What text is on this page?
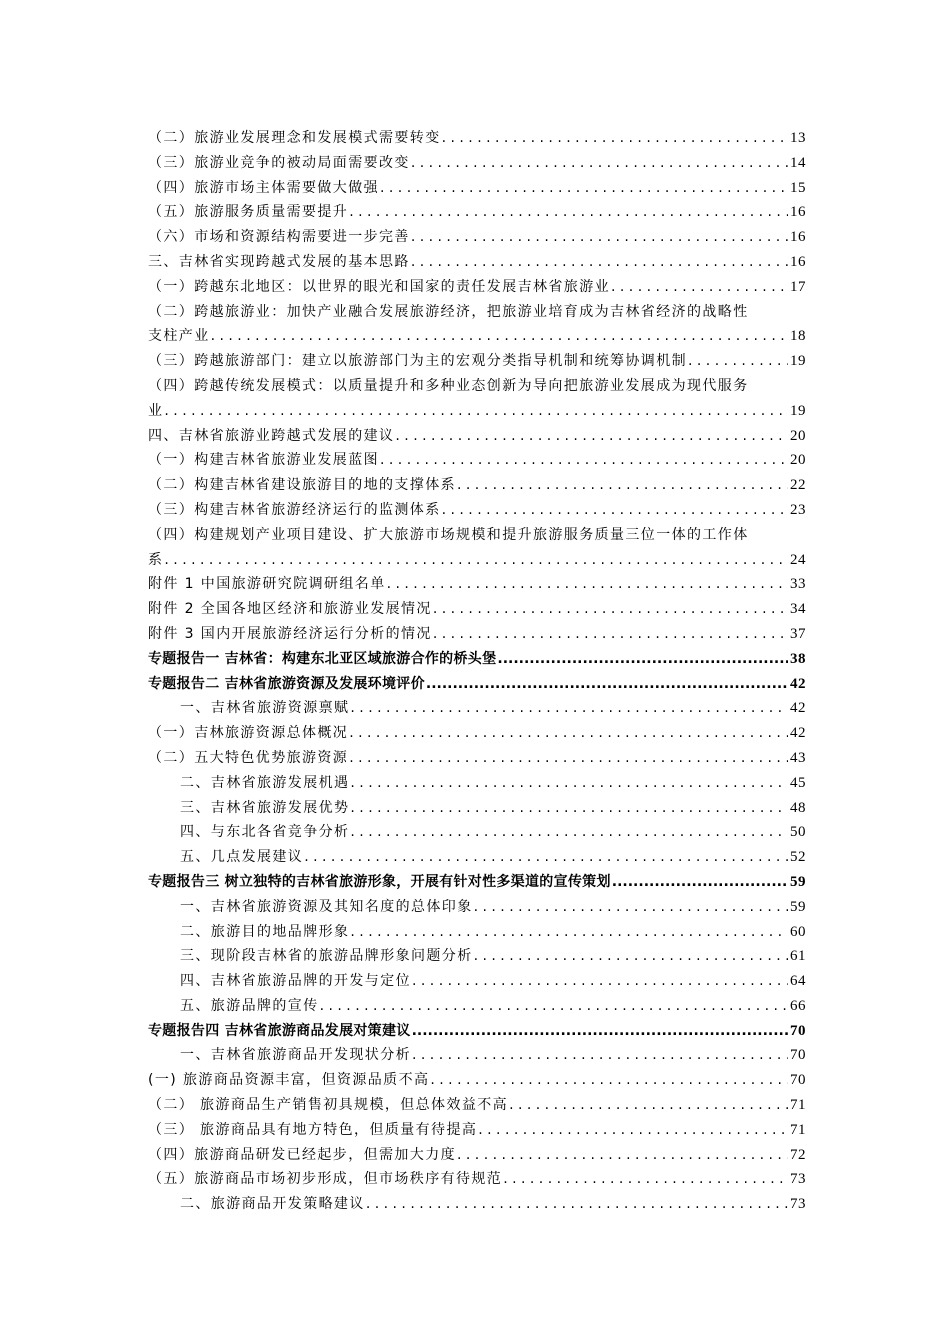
（二）旅游业发展理念和发展模式需要转变 . . .	13
（三）旅游业竞争的被动局面需要改变 . . .	14
（四）旅游市场主体需要做大做强 . . .	15
（五）旅游服务质量需要提升 . . .	16
（六）市场和资源结构需要进一步完善 . . .	16
三、吉林省实现跨越式发展的基本思路 . . .	16
（一）跨越东北地区：以世界的眼光和国家的责任发展吉林省旅游业 . . .	17
（二）跨越旅游业：加快产业融合发展旅游经济，把旅游业培育成为吉林省经济的战略性
支柱产业 . . .	18
（三）跨越旅游部门：建立以旅游部门为主的宏观分类指导机制和统筹协调机制 . . .	19
（四）跨越传统发展模式：以质量提升和多种业态创新为导向把旅游业发展成为现代服务
业 . . .	19
四、吉林省旅游业跨越式发展的建议 . . .	20
（一）构建吉林省旅游业发展蓝图 . . .	20
（二）构建吉林省建设旅游目的地的支撑体系 . . .	22
（三）构建吉林省旅游经济运行的监测体系 . . .	23
（四）构建规划产业项目建设、扩大旅游市场规模和提升旅游服务质量三位一体的工作体
系 . . .	24
附件 1 中国旅游研究院调研组名单 . . .	33
附件 2 全国各地区经济和旅游业发展情况 . . .	34
附件 3 国内开展旅游经济运行分析的情况 . . .	37
专题报告一 吉林省：构建东北亚区域旅游合作的桥头堡 .....	38
专题报告二 吉林省旅游资源及发展环境评价 .....	42
一、吉林省旅游资源禀赋 . . .	42
（一）吉林旅游资源总体概况 . . .	42
（二）五大特色优势旅游资源 . . .	43
二、吉林省旅游发展机遇 . . .	45
三、吉林省旅游发展优势 . . .	48
四、与东北各省竞争分析 . . .	50
五、几点发展建议 . . .	52
专题报告三 树立独特的吉林省旅游形象，开展有针对性多渠道的宣传策划 .....	59
一、吉林省旅游资源及其知名度的总体印象 . . .	59
二、旅游目的地品牌形象 . . .	60
三、现阶段吉林省的旅游品牌形象问题分析 . . .	61
四、吉林省旅游品牌的开发与定位 . . .	64
五、旅游品牌的宣传 . . .	66
专题报告四 吉林省旅游商品发展对策建议 .....	70
一、吉林省旅游商品开发现状分析 . . .	70
(一) 旅游商品资源丰富，但资源品质不高 . . .	70
（二） 旅游商品生产销售初具规模，但总体效益不高 . . .	71
（三） 旅游商品具有地方特色，但质量有待提高 . . .	71
（四）旅游商品研发已经起步，但需加大力度 . . .	72
（五）旅游商品市场初步形成，但市场秩序有待规范 . . .	73
二、旅游商品开发策略建议 . . .	73
